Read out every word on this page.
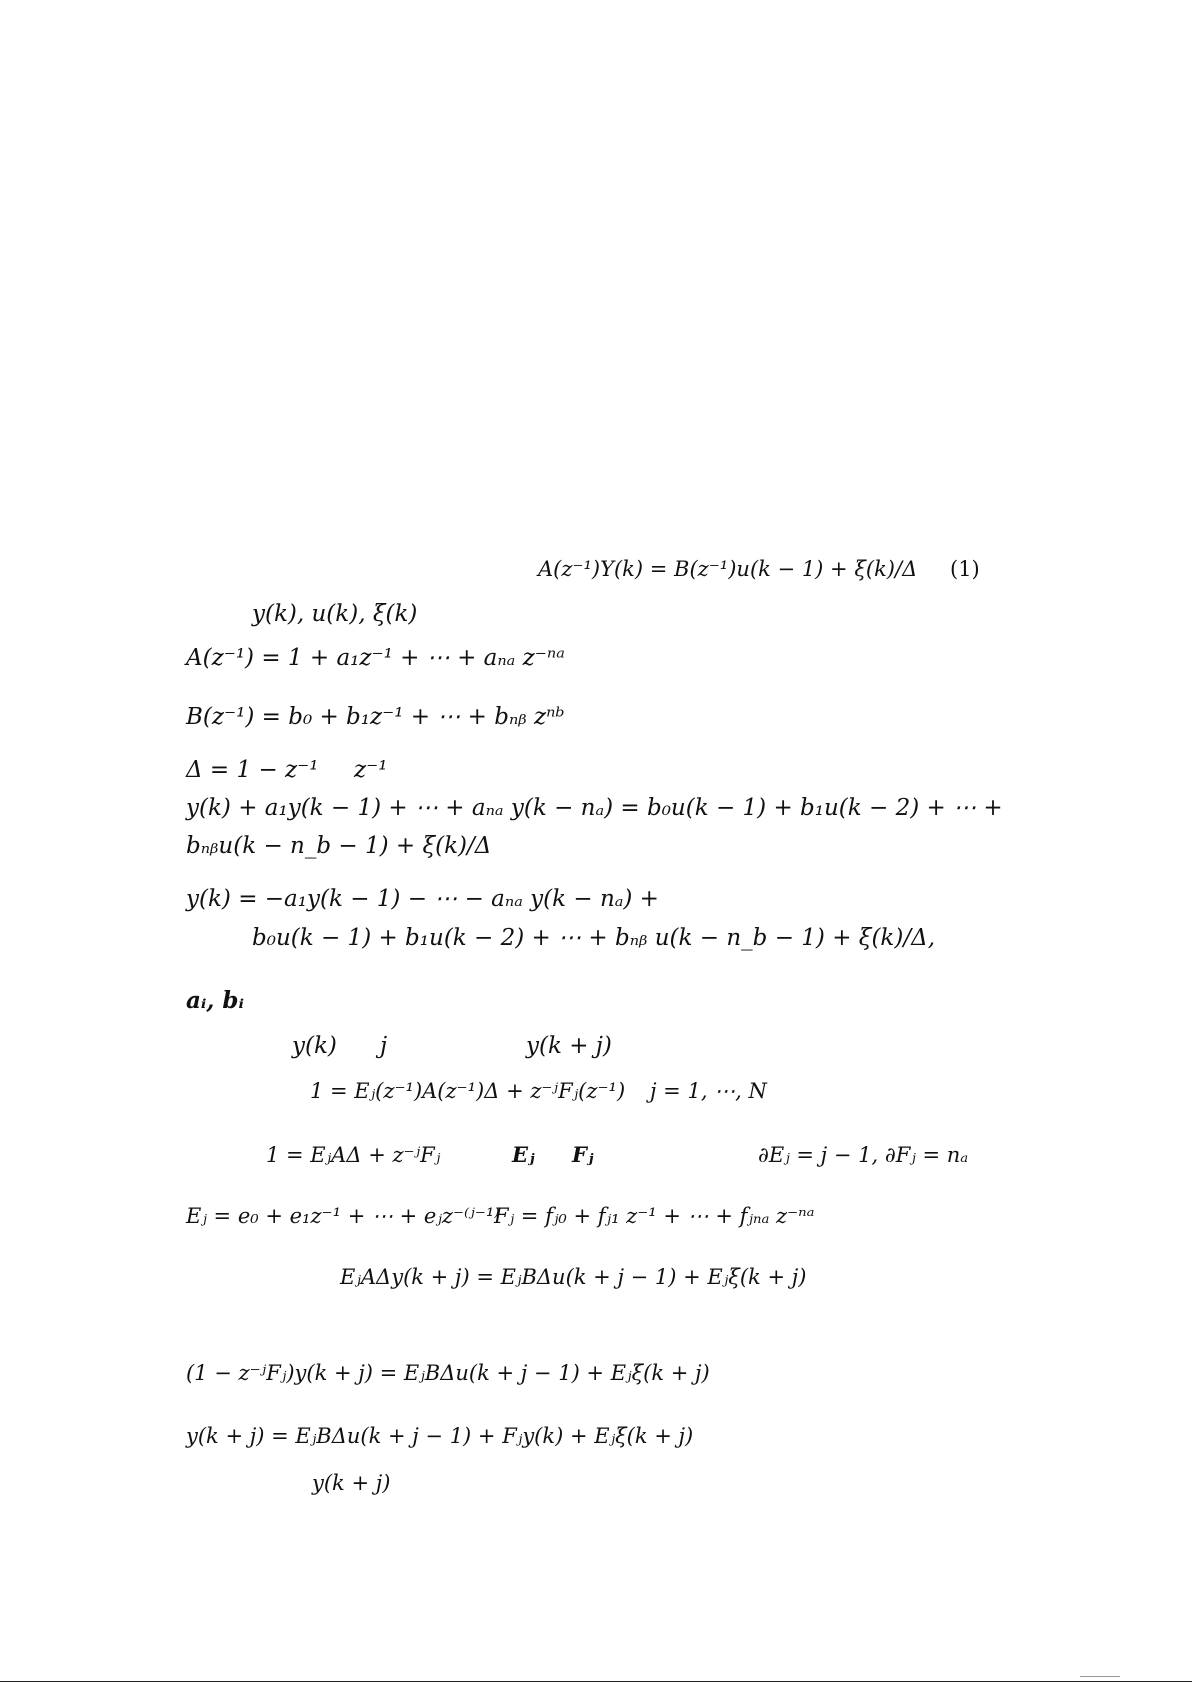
A(z⁻¹)Y(k) = B(z⁻¹)u(k − 1) + ξ(k)/Δ (1)
y(k), u(k), ξ(k)
A(z⁻¹) = 1 + a₁z⁻¹ + ⋯ + aₙₐ z⁻ⁿᵃ
B(z⁻¹) = b₀ + b₁z⁻¹ + ⋯ + bₙᵦ zⁿᵇ
Δ = 1 − z⁻¹ z⁻¹
y(k) + a₁y(k − 1) + ⋯ + aₙₐ y(k − nₐ) = b₀u(k − 1) + b₁u(k − 2) + ⋯ +
bₙᵦu(k − n_b − 1) + ξ(k)/Δ
y(k) = −a₁y(k − 1) − ⋯ − aₙₐ y(k − nₐ) +
b₀u(k − 1) + b₁u(k − 2) + ⋯ + bₙᵦ u(k − n_b − 1) + ξ(k)/Δ,
aᵢ, bᵢ
y(k) j	y(k + j)
1 = Eⱼ(z⁻¹)A(z⁻¹)Δ + z⁻ʲFⱼ(z⁻¹) j = 1, ⋯, N
1 = EⱼAΔ + z⁻ʲFⱼ	Eⱼ Fⱼ	∂Eⱼ = j − 1, ∂Fⱼ = nₐ
Eⱼ = e₀ + e₁z⁻¹ + ⋯ + eⱼz⁻⁽ʲ⁻¹⁾
Fⱼ = fⱼ₀ + fⱼ₁ z⁻¹ + ⋯ + fⱼₙₐ z⁻ⁿᵃ
EⱼAΔy(k + j) = EⱼBΔu(k + j − 1) + Eⱼξ(k + j)
(1 − z⁻ʲFⱼ)y(k + j) = EⱼBΔu(k + j − 1) + Eⱼξ(k + j)
y(k + j) = EⱼBΔu(k + j − 1) + Fⱼy(k) + Eⱼξ(k + j)
y(k + j)
